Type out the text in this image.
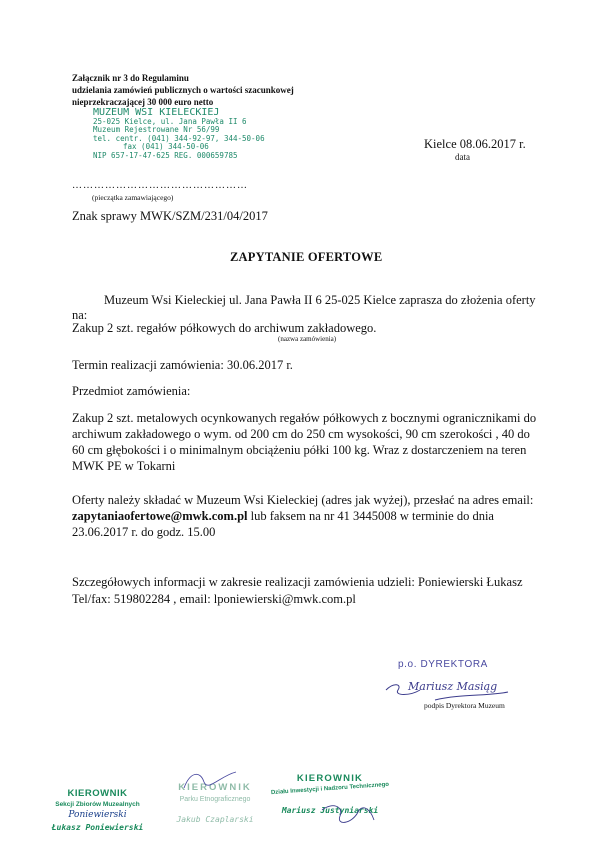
Załącznik nr 3 do Regulaminu
udzielania zamówień publicznych o wartości szacunkowej
nieprzekraczającej 30 000 euro netto
MUZEUM WSI KIELECKIEJ
25-025 Kielce, ul. Jana Pawła II 6
Muzeum Rejestrowane Nr 56/99
tel. centr. (041) 344-92-97, 344-50-06
fax (041) 344-50-06
NIP 657-17-47-625 REG. 000659785
…………………………………………
(pieczątka zamawiającego)
Kielce 08.06.2017 r.
data
Znak sprawy MWK/SZM/231/04/2017
ZAPYTANIE OFERTOWE
Muzeum Wsi Kieleckiej ul. Jana Pawła II 6 25-025 Kielce zaprasza do złożenia oferty
na:
Zakup 2 szt. regałów półkowych do archiwum zakładowego.
(nazwa zamówienia)
Termin realizacji zamówienia: 30.06.2017 r.
Przedmiot zamówienia:
Zakup 2 szt. metalowych ocynkowanych regałów półkowych z bocznymi ogranicznikami do
archiwum zakładowego o wym. od 200 cm do 250 cm wysokości, 90 cm szerokości , 40 do
60 cm głębokości i o minimalnym obciążeniu półki 100 kg. Wraz z dostarczeniem na teren
MWK PE w Tokarni
Oferty należy składać w Muzeum Wsi Kieleckiej (adres jak wyżej), przesłać na adres email:
zapytaniaofertowe@mwk.com.pl lub faksem na nr 41 3445008 w terminie do dnia
23.06.2017 r. do godz. 15.00
Szczegółowych informacji w zakresie realizacji zamówienia udzieli: Poniewierski Łukasz
Tel/fax: 519802284 , email: lponiewierski@mwk.com.pl
p.o. DYREKTORA
Mariusz Masiąg
podpis Dyrektora Muzeum
KIEROWNIK
Sekcji Zbiorów Muzealnych
Poniewierski
Łukasz Poniewierski
KIEROWNIK
Parku Etnograficznego
Jakub Czaplarski
KIEROWNIK
Działu Inwestycji i Nadzoru Technicznego
Mariusz Justyniarski
